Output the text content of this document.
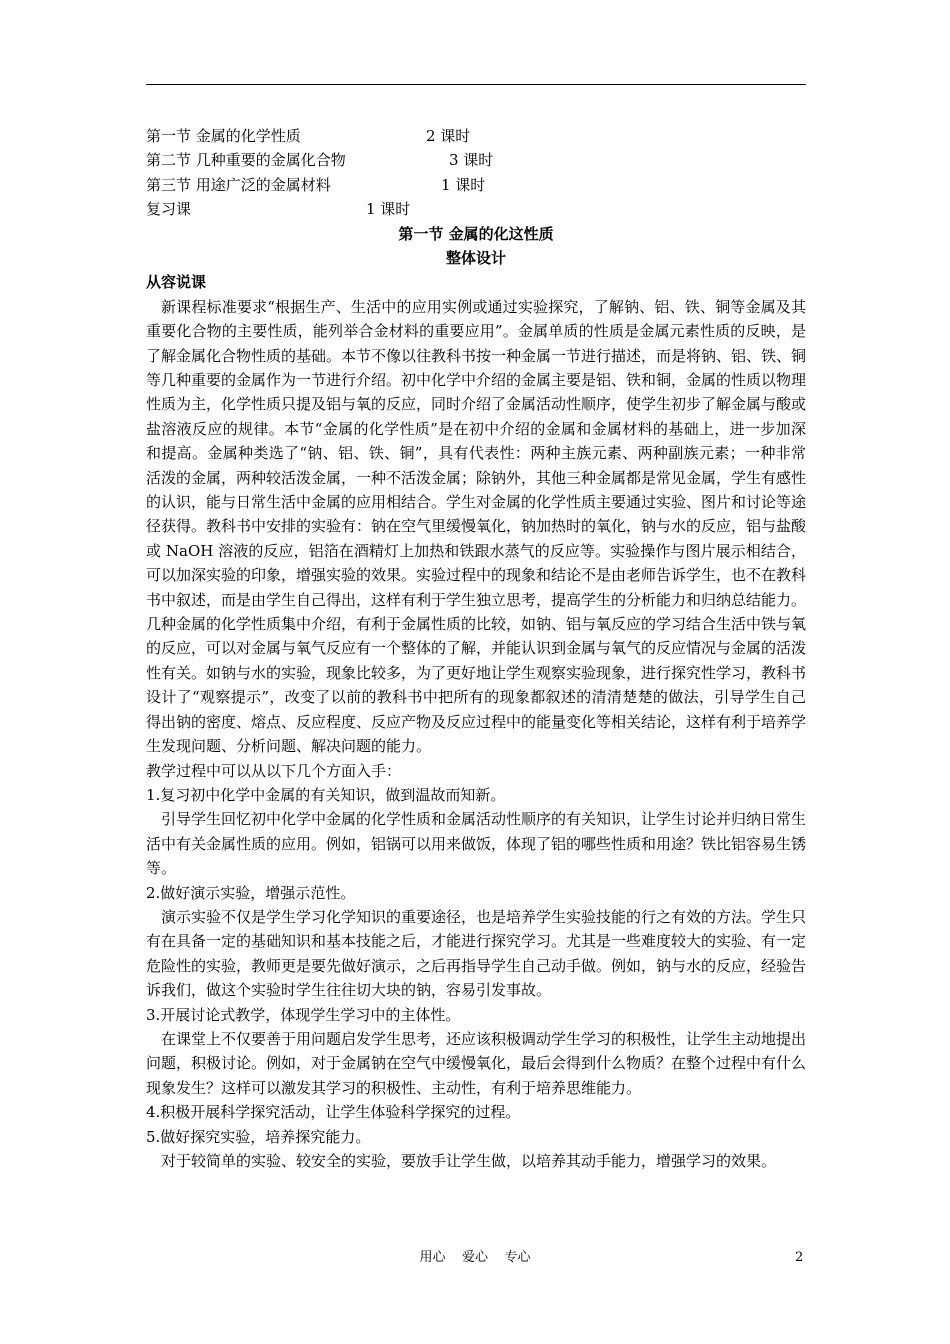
第一节 金属的化学性质	2 课时
第二节 几种重要的金属化合物	3 课时
第三节 用途广泛的金属材料	1 课时
复习课	1 课时
第一节 金属的化这性质
整体设计
从容说课

新课程标准要求“根据生产、生活中的应用实例或通过实验探究，了解钠、铝、铁、铜等金属及其重要化合物的主要性质，能列举合金材料的重要应用”。金属单质的性质是金属元素性质的反映，是了解金属化合物性质的基础。本节不像以往教科书按一种金属一节进行描述，而是将钠、铝、铁、铜等几种重要的金属作为一节进行介绍。初中化学中介绍的金属主要是铝、铁和铜，金属的性质以物理性质为主，化学性质只提及铝与氧的反应，同时介绍了金属活动性顺序，使学生初步了解金属与酸或盐溶液反应的规律。本节“金属的化学性质”是在初中介绍的金属和金属材料的基础上，进一步加深和提高。金属种类选了“钠、铝、铁、铜”，具有代表性：两种主族元素、两种副族元素；一种非常活泼的金属，两种较活泼金属，一种不活泼金属；除钠外，其他三种金属都是常见金属，学生有感性的认识，能与日常生活中金属的应用相结合。学生对金属的化学性质主要通过实验、图片和讨论等途径获得。教科书中安排的实验有：钠在空气里缓慢氧化，钠加热时的氧化，钠与水的反应，铝与盐酸或 NaOH 溶液的反应，铝箔在酒精灯上加热和铁跟水蒸气的反应等。实验操作与图片展示相结合，可以加深实验的印象，增强实验的效果。实验过程中的现象和结论不是由老师告诉学生，也不在教科书中叙述，而是由学生自己得出，这样有利于学生独立思考，提高学生的分析能力和归纳总结能力。几种金属的化学性质集中介绍，有利于金属性质的比较，如钠、铝与氧反应的学习结合生活中铁与氧的反应，可以对金属与氧气反应有一个整体的了解，并能认识到金属与氧气的反应情况与金属的活泼性有关。如钠与水的实验，现象比较多，为了更好地让学生观察实验现象，进行探究性学习，教科书设计了“观察提示”，改变了以前的教科书中把所有的现象都叙述的清清楚楚的做法，引导学生自己得出钠的密度、熔点、反应程度、反应产物及反应过程中的能量变化等相关结论，这样有利于培养学生发现问题、分析问题、解决问题的能力。

教学过程中可以从以下几个方面入手：

1.复习初中化学中金属的有关知识，做到温故而知新。

引导学生回忆初中化学中金属的化学性质和金属活动性顺序的有关知识，让学生讨论并归纳日常生活中有关金属性质的应用。例如，铝锅可以用来做饭，体现了铝的哪些性质和用途？铁比铝容易生锈等。

2.做好演示实验，增强示范性。

演示实验不仅是学生学习化学知识的重要途径，也是培养学生实验技能的行之有效的方法。学生只有在具备一定的基础知识和基本技能之后，才能进行探究学习。尤其是一些难度较大的实验、有一定危险性的实验，教师更是要先做好演示，之后再指导学生自己动手做。例如，钠与水的反应，经验告诉我们，做这个实验时学生往往切大块的钠，容易引发事故。

3.开展讨论式教学，体现学生学习中的主体性。

在课堂上不仅要善于用问题启发学生思考，还应该积极调动学生学习的积极性，让学生主动地提出问题，积极讨论。例如，对于金属钠在空气中缓慢氧化，最后会得到什么物质？在整个过程中有什么现象发生？这样可以激发其学习的积极性、主动性，有利于培养思维能力。

4.积极开展科学探究活动，让学生体验科学探究的过程。

5.做好探究实验，培养探究能力。

对于较简单的实验、较安全的实验，要放手让学生做，以培养其动手能力，增强学习的效果。

用心    爱心    专心	2
